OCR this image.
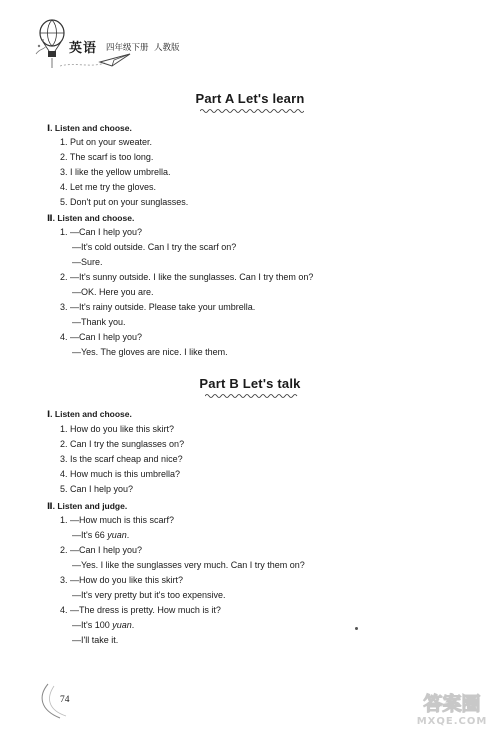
英语 四年级下册 人教版
Part A Let's learn
Ⅰ. Listen and choose.
1. Put on your sweater.
2. The scarf is too long.
3. I like the yellow umbrella.
4. Let me try the gloves.
5. Don't put on your sunglasses.
Ⅱ. Listen and choose.
1. —Can I help you?
—It's cold outside. Can I try the scarf on?
—Sure.
2. —It's sunny outside. I like the sunglasses. Can I try them on?
—OK. Here you are.
3. —It's rainy outside. Please take your umbrella.
—Thank you.
4. —Can I help you?
—Yes. The gloves are nice. I like them.
Part B Let's talk
Ⅰ. Listen and choose.
1. How do you like this skirt?
2. Can I try the sunglasses on?
3. Is the scarf cheap and nice?
4. How much is this umbrella?
5. Can I help you?
Ⅱ. Listen and judge.
1. —How much is this scarf?
—It's 66 yuan.
2. —Can I help you?
—Yes. I like the sunglasses very much. Can I try them on?
3. —How do you like this skirt?
—It's very pretty but it's too expensive.
4. —The dress is pretty. How much is it?
—It's 100 yuan.
—I'll take it.
74	答案圈
MXQE.COM
